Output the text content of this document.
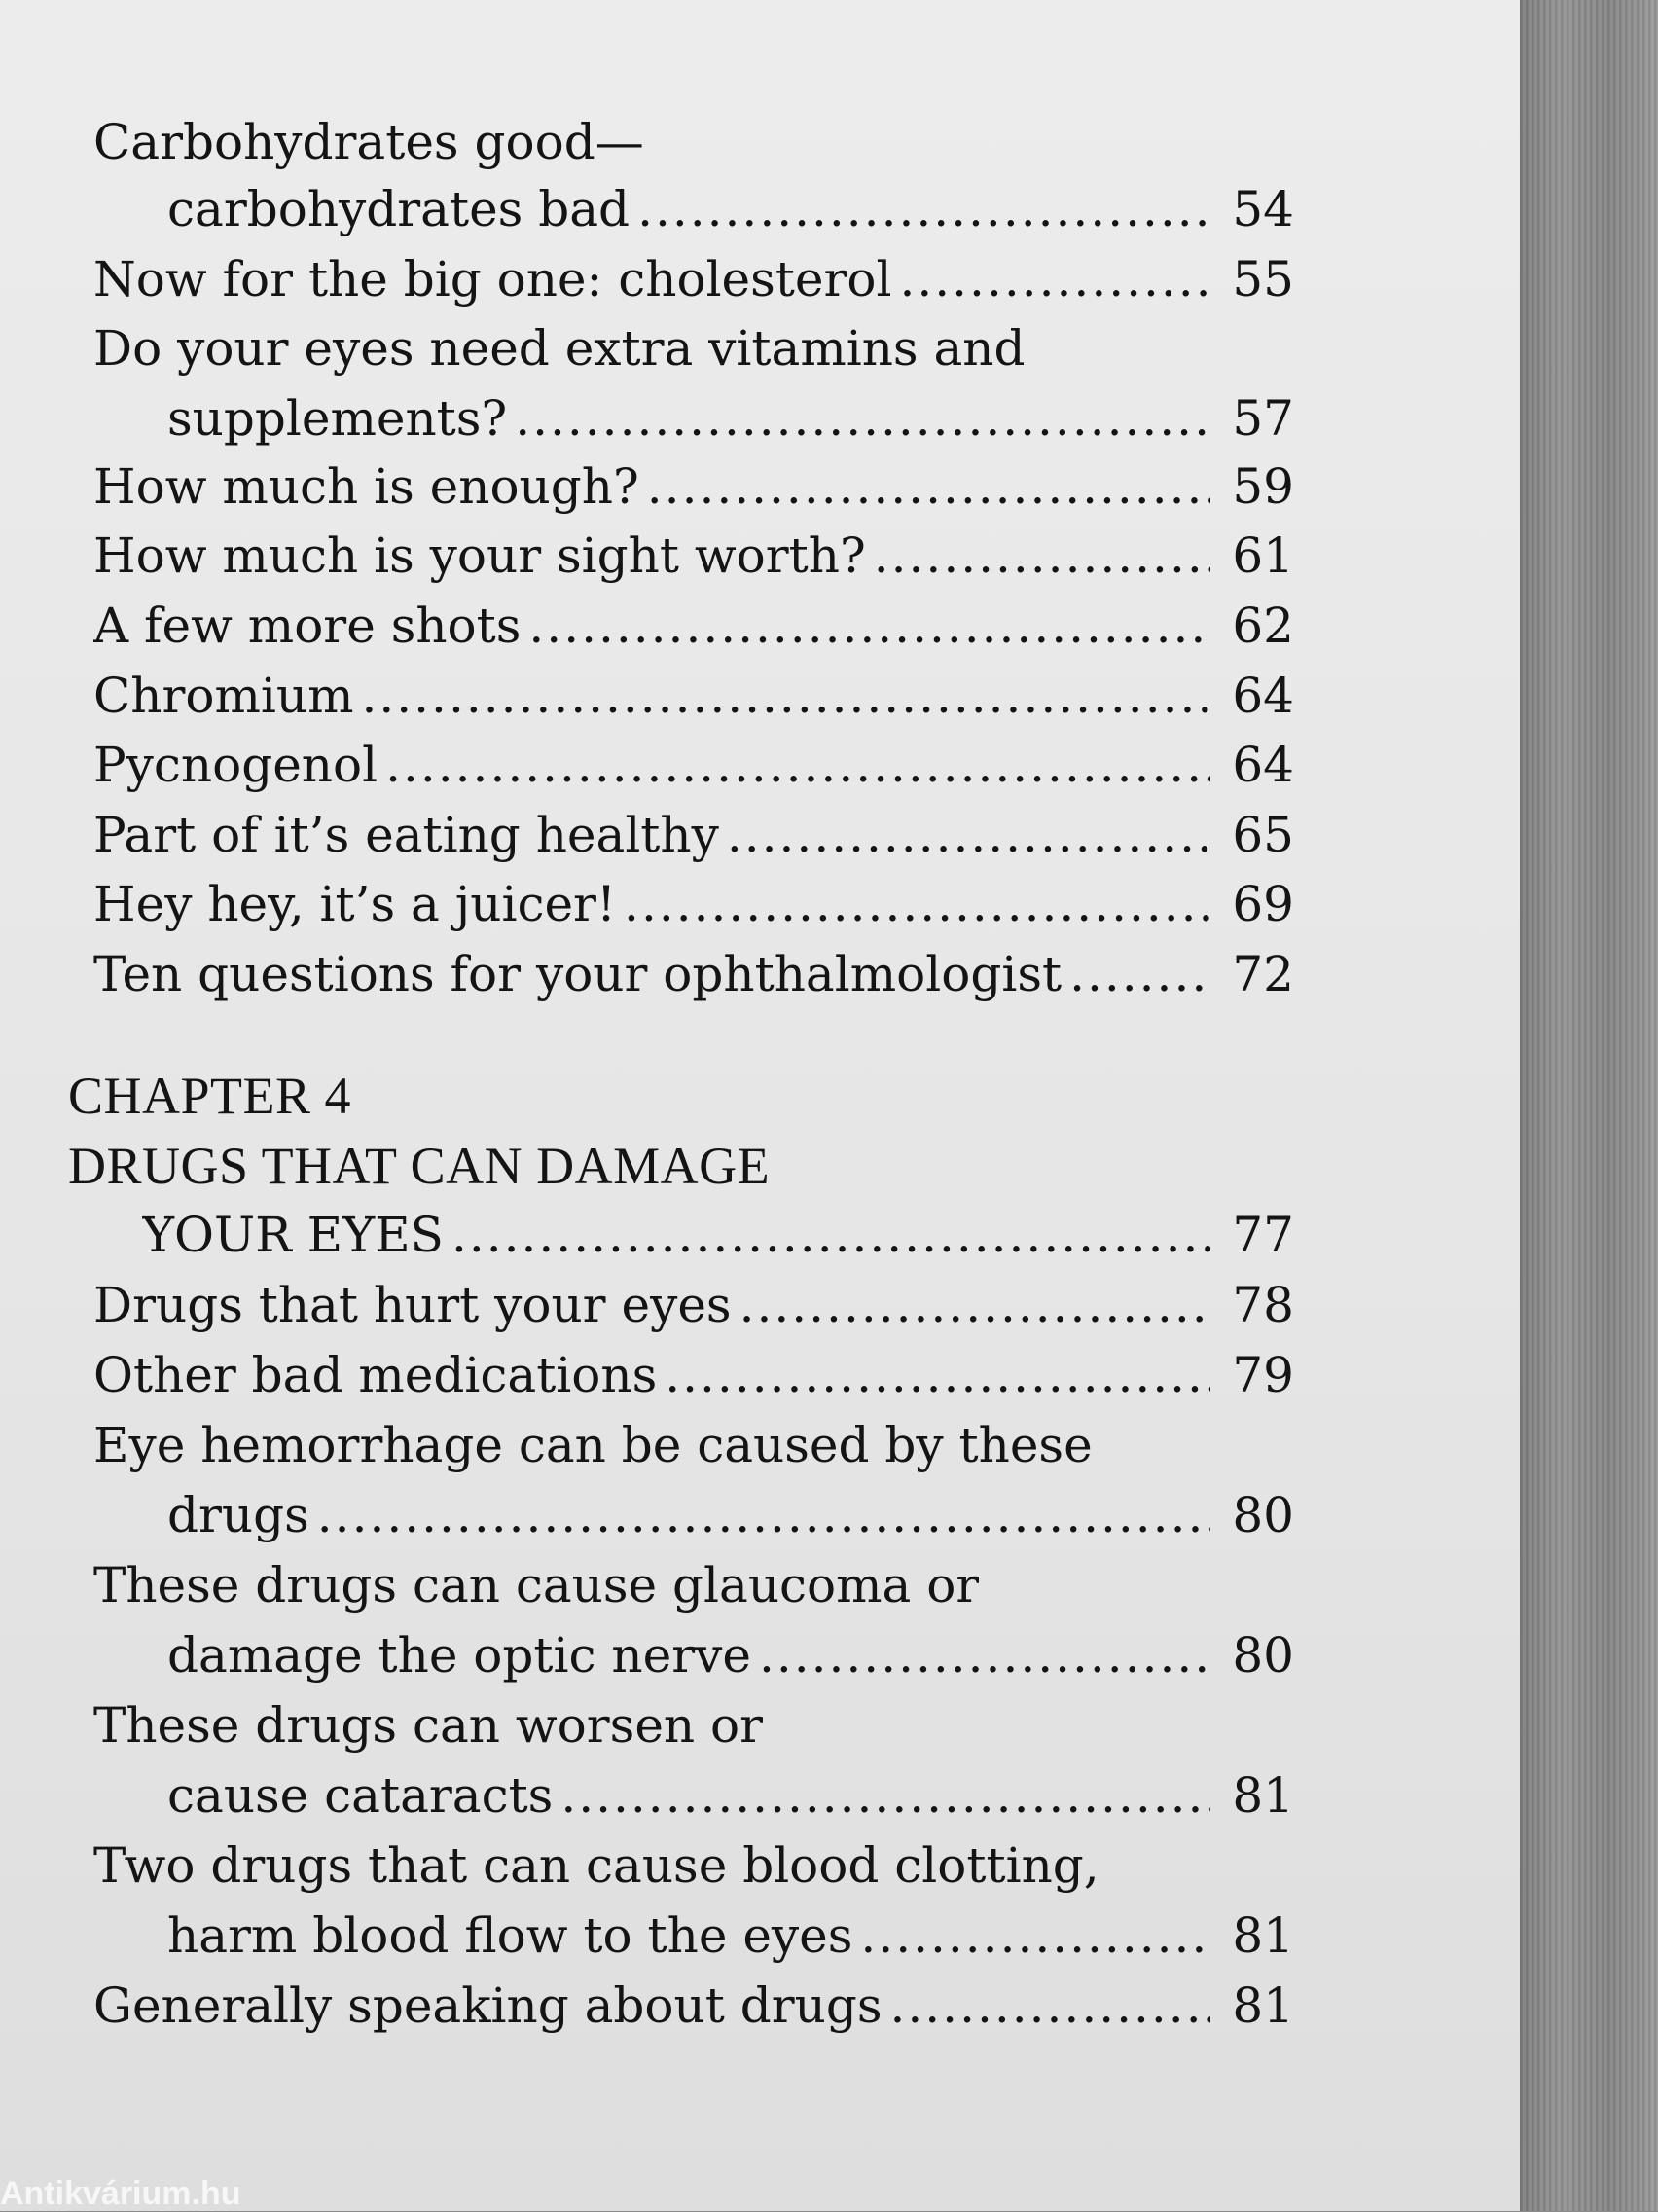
Carbohydrates good—
carbohydrates bad .....	54
Now for the big one: cholesterol .....	55
Do your eyes need extra vitamins and
supplements? .....	57
How much is enough? .....	59
How much is your sight worth? .....	61
A few more shots .....	62
Chromium .....	64
Pycnogenol .....	64
Part of it’s eating healthy .....	65
Hey hey, it’s a juicer! .....	69
Ten questions for your ophthalmologist .....	72
CHAPTER 4
DRUGS THAT CAN DAMAGE
YOUR EYES .....	77
Drugs that hurt your eyes .....	78
Other bad medications .....	79
Eye hemorrhage can be caused by these
drugs .....	80
These drugs can cause glaucoma or
damage the optic nerve .....	80
These drugs can worsen or
cause cataracts .....	81
Two drugs that can cause blood clotting,
harm blood flow to the eyes .....	81
Generally speaking about drugs .....	81
Antikvárium.hu
